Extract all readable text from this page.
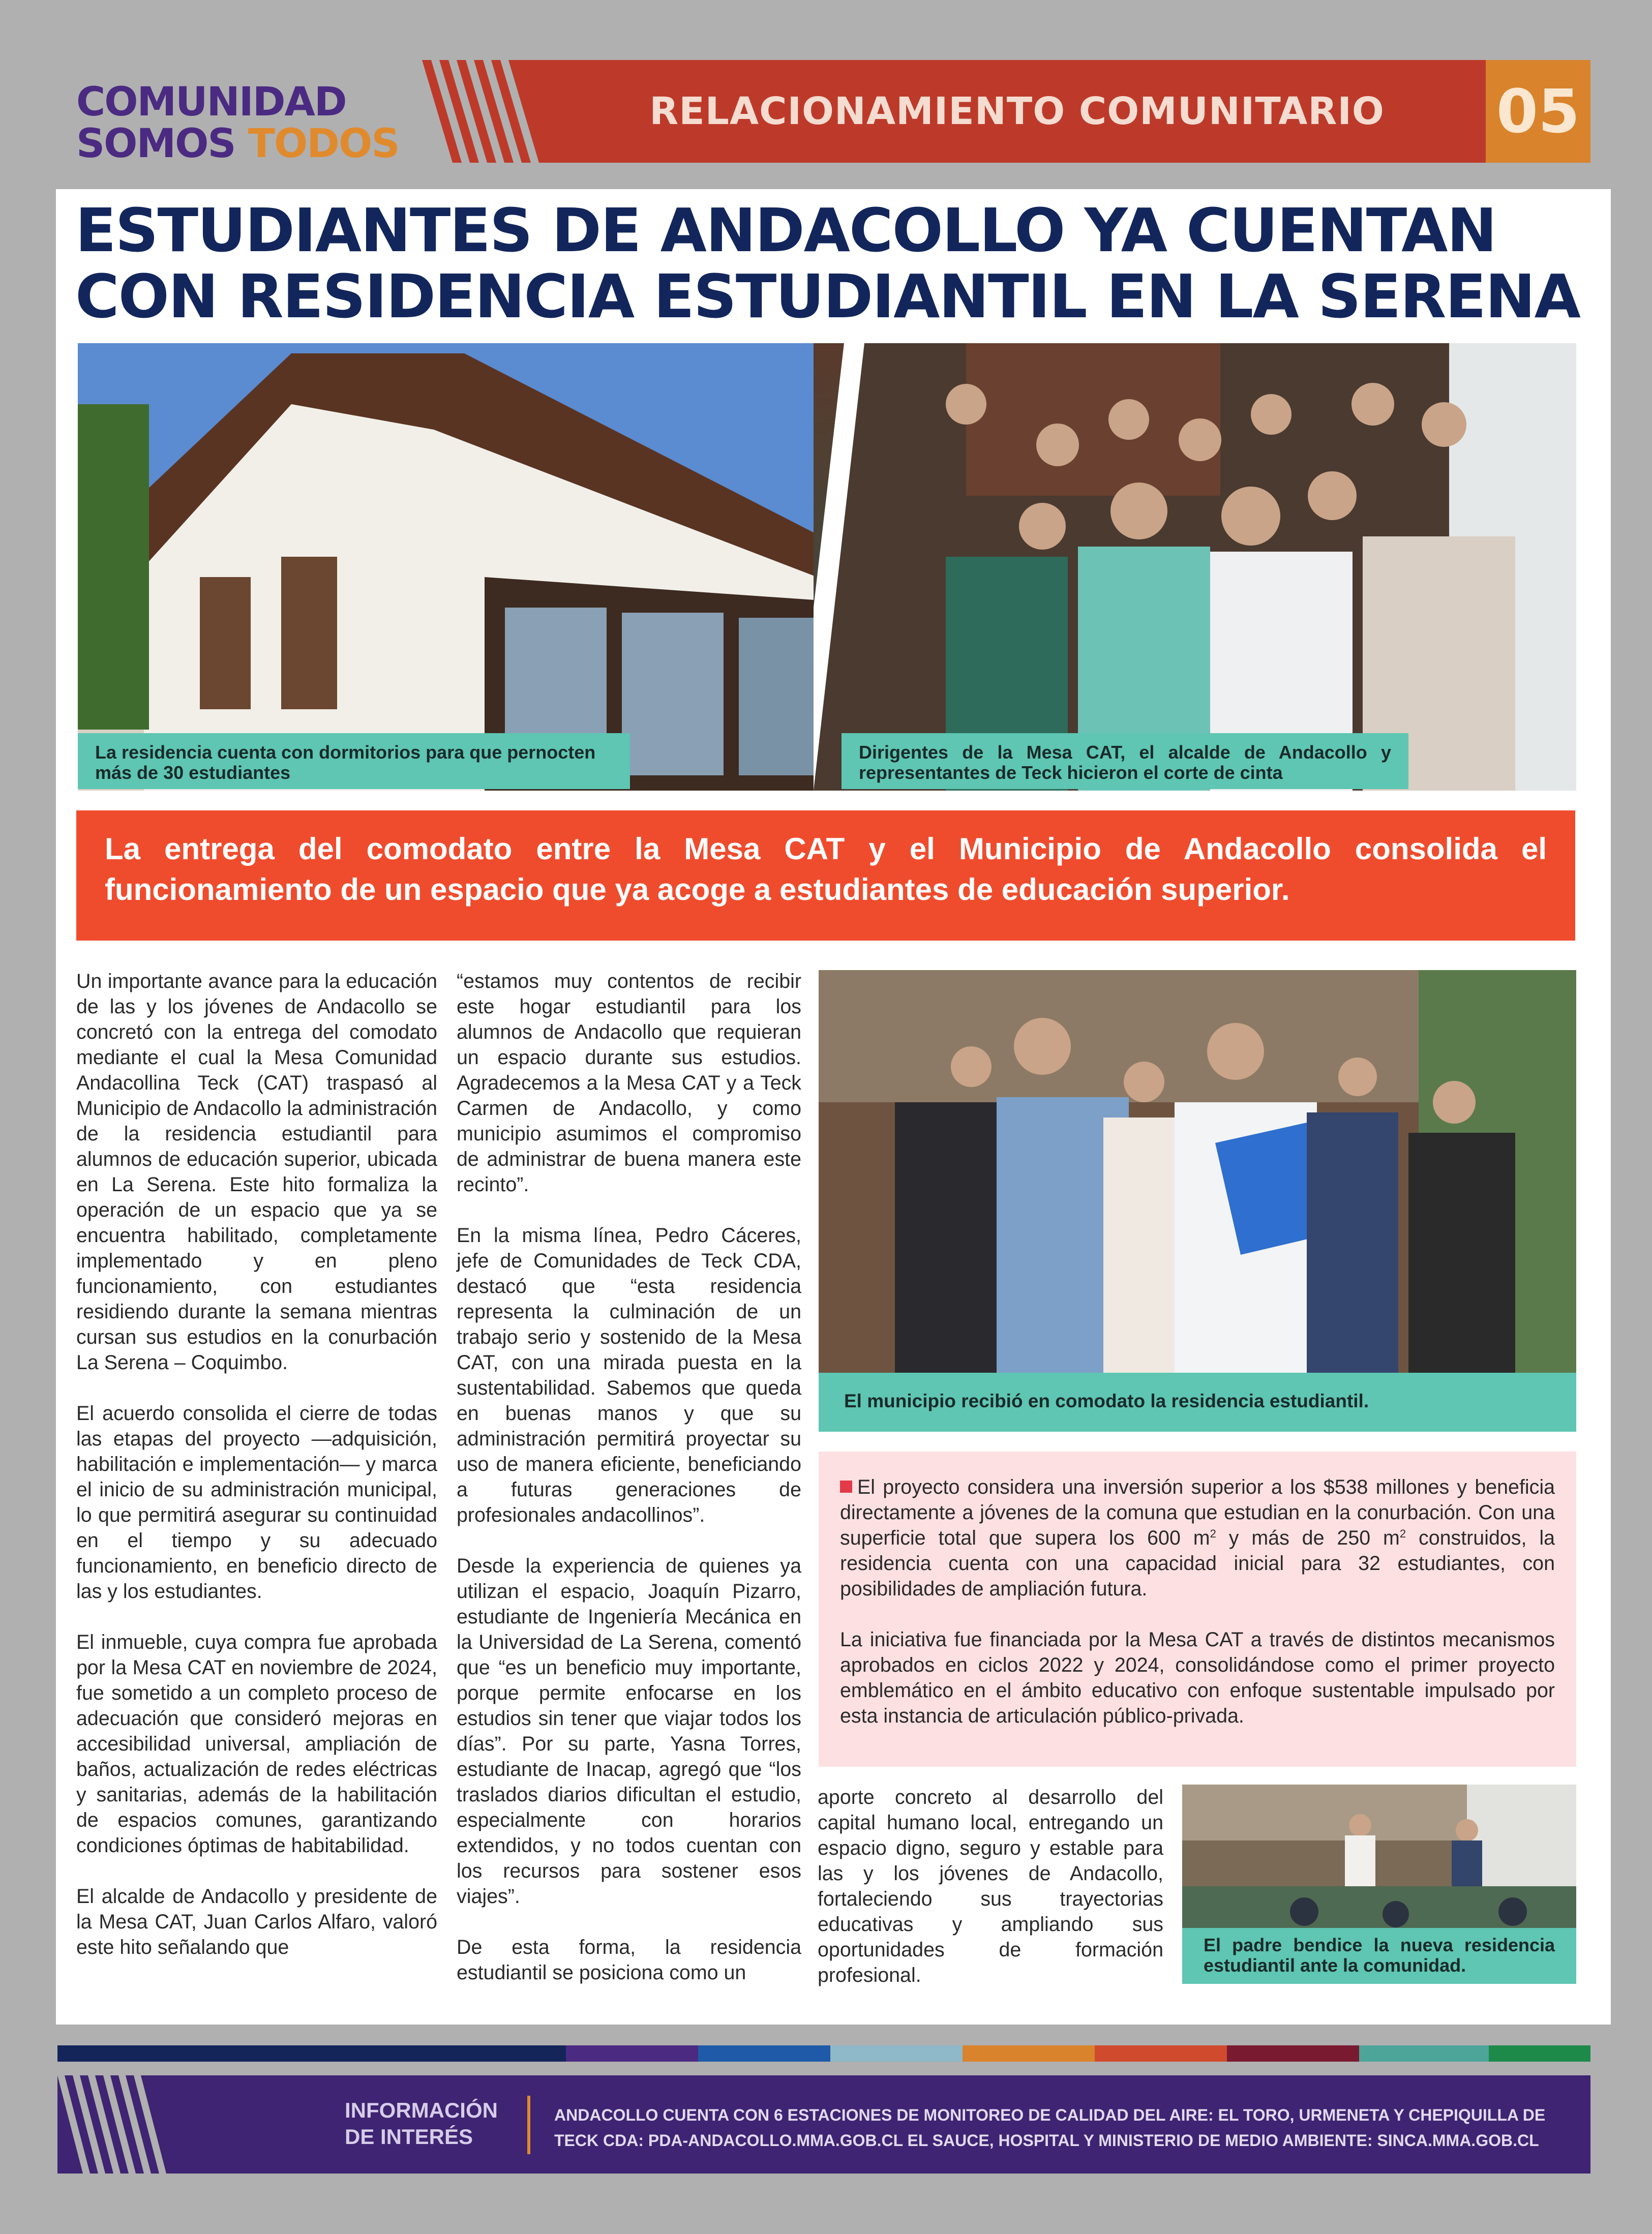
COMUNIDAD
SOMOS TODOS
RELACIONAMIENTO COMUNITARIO	05
ESTUDIANTES DE ANDACOLLO YA CUENTAN
CON RESIDENCIA ESTUDIANTIL EN LA SERENA
La residencia cuenta con dormitorios para que pernocten más de 30 estudiantes
Dirigentes de la Mesa CAT, el alcalde de Andacollo y representantes de Teck hicieron el corte de cinta
La entrega del comodato entre la Mesa CAT y el Municipio de Andacollo consolida el funcionamiento de un espacio que ya acoge a estudiantes de educación superior.

Un importante avance para la educación de las y los jóvenes de Andacollo se concretó con la entrega del comodato mediante el cual la Mesa Comunidad Andacollina Teck (CAT) traspasó al Municipio de Andacollo la administración de la residencia estudiantil para alumnos de educación superior, ubicada en La Serena. Este hito formaliza la operación de un espacio que ya se encuentra habilitado, completamente implementado y en pleno funcionamiento, con estudiantes residiendo durante la semana mientras cursan sus estudios en la conurbación La Serena – Coquimbo.

El acuerdo consolida el cierre de todas las etapas del proyecto —adquisición, habilitación e implementación— y marca el inicio de su administración municipal, lo que permitirá asegurar su continuidad en el tiempo y su adecuado funcionamiento, en beneficio directo de las y los estudiantes.

El inmueble, cuya compra fue aprobada por la Mesa CAT en noviembre de 2024, fue sometido a un completo proceso de adecuación que consideró mejoras en accesibilidad universal, ampliación de baños, actualización de redes eléctricas y sanitarias, además de la habilitación de espacios comunes, garantizando condiciones óptimas de habitabilidad.

El alcalde de Andacollo y presidente de la Mesa CAT, Juan Carlos Alfaro, valoró este hito señalando que

“estamos muy contentos de recibir este hogar estudiantil para los alumnos de Andacollo que requieran un espacio durante sus estudios. Agradecemos a la Mesa CAT y a Teck Carmen de Andacollo, y como municipio asumimos el compromiso de administrar de buena manera este recinto”.

En la misma línea, Pedro Cáceres, jefe de Comunidades de Teck CDA, destacó que “esta residencia representa la culminación de un trabajo serio y sostenido de la Mesa CAT, con una mirada puesta en la sustentabilidad. Sabemos que queda en buenas manos y que su administración permitirá proyectar su uso de manera eficiente, beneficiando a futuras generaciones de profesionales andacollinos”.

Desde la experiencia de quienes ya utilizan el espacio, Joaquín Pizarro, estudiante de Ingeniería Mecánica en la Universidad de La Serena, comentó que “es un beneficio muy importante, porque permite enfocarse en los estudios sin tener que viajar todos los días”. Por su parte, Yasna Torres, estudiante de Inacap, agregó que “los traslados diarios dificultan el estudio, especialmente con horarios extendidos, y no todos cuentan con los recursos para sostener esos viajes”.

De esta forma, la residencia estudiantil se posiciona como un

El municipio recibió en comodato la residencia estudiantil.

El proyecto considera una inversión superior a los $538 millones y beneficia directamente a jóvenes de la comuna que estudian en la conurbación. Con una superficie total que supera los 600 $m^2$ y más de 250 $m^2$ construidos, la residencia cuenta con una capacidad inicial para 32 estudiantes, con posibilidades de ampliación futura.

La iniciativa fue financiada por la Mesa CAT a través de distintos mecanismos aprobados en ciclos 2022 y 2024, consolidándose como el primer proyecto emblemático en el ámbito educativo con enfoque sustentable impulsado por esta instancia de articulación público-privada.

aporte concreto al desarrollo del capital humano local, entregando un espacio digno, seguro y estable para las y los jóvenes de Andacollo, fortaleciendo sus trayectorias educativas y ampliando sus oportunidades de formación profesional.

El padre bendice la nueva residencia estudiantil ante la comunidad.
INFORMACIÓN
DE INTERÉS
ANDACOLLO CUENTA CON 6 ESTACIONES DE MONITOREO DE CALIDAD DEL AIRE: EL TORO, URMENETA Y CHEPIQUILLA DE TECK CDA: PDA-ANDACOLLO.MMA.GOB.CL EL SAUCE, HOSPITAL Y MINISTERIO DE MEDIO AMBIENTE: SINCA.MMA.GOB.CL
